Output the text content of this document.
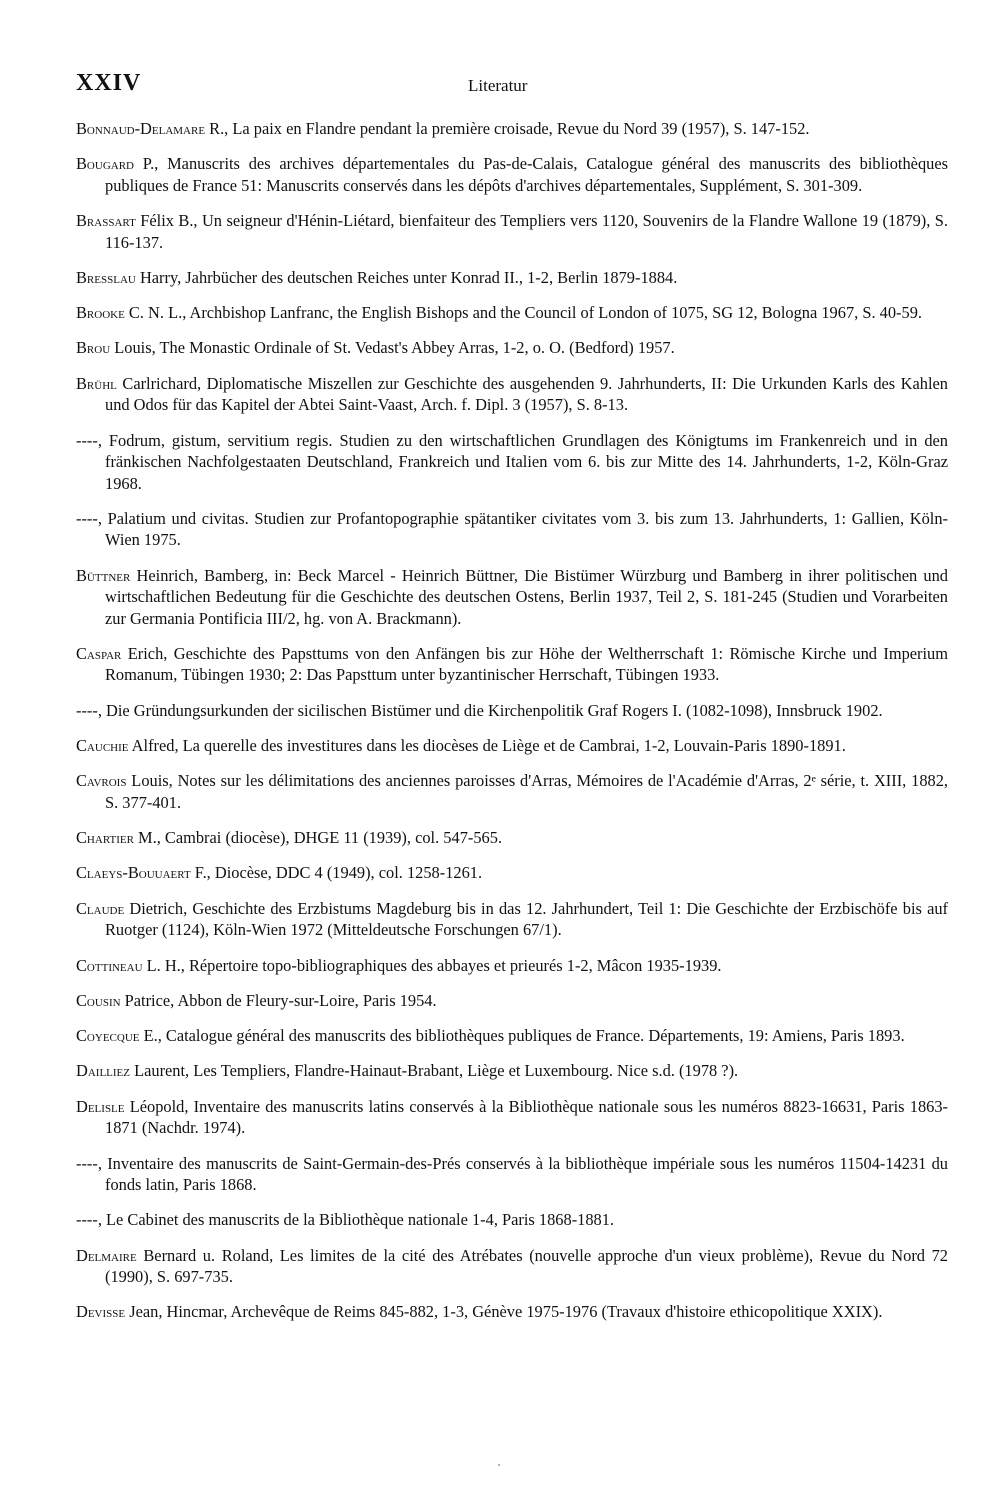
XXIV	Literatur
Bonnaud-Delamare R., La paix en Flandre pendant la première croisade, Revue du Nord 39 (1957), S. 147-152.
Bougard P., Manuscrits des archives départementales du Pas-de-Calais, Catalogue général des manuscrits des bibliothèques publiques de France 51: Manuscrits conservés dans les dépôts d'archives départementales, Supplément, S. 301-309.
Brassart Félix B., Un seigneur d'Hénin-Liétard, bienfaiteur des Templiers vers 1120, Souvenirs de la Flandre Wallone 19 (1879), S. 116-137.
Bresslau Harry, Jahrbücher des deutschen Reiches unter Konrad II., 1-2, Berlin 1879-1884.
Brooke C. N. L., Archbishop Lanfranc, the English Bishops and the Council of London of 1075, SG 12, Bologna 1967, S. 40-59.
Brou Louis, The Monastic Ordinale of St. Vedast's Abbey Arras, 1-2, o. O. (Bedford) 1957.
Brühl Carlrichard, Diplomatische Miszellen zur Geschichte des ausgehenden 9. Jahrhunderts, II: Die Urkunden Karls des Kahlen und Odos für das Kapitel der Abtei Saint-Vaast, Arch. f. Dipl. 3 (1957), S. 8-13.
----, Fodrum, gistum, servitium regis. Studien zu den wirtschaftlichen Grundlagen des Königtums im Frankenreich und in den fränkischen Nachfolgestaaten Deutschland, Frankreich und Italien vom 6. bis zur Mitte des 14. Jahrhunderts, 1-2, Köln-Graz 1968.
----, Palatium und civitas. Studien zur Profantopographie spätantiker civitates vom 3. bis zum 13. Jahrhunderts, 1: Gallien, Köln-Wien 1975.
Büttner Heinrich, Bamberg, in: Beck Marcel - Heinrich Büttner, Die Bistümer Würzburg und Bamberg in ihrer politischen und wirtschaftlichen Bedeutung für die Geschichte des deutschen Ostens, Berlin 1937, Teil 2, S. 181-245 (Studien und Vorarbeiten zur Germania Pontificia III/2, hg. von A. Brackmann).
Caspar Erich, Geschichte des Papsttums von den Anfängen bis zur Höhe der Weltherrschaft 1: Römische Kirche und Imperium Romanum, Tübingen 1930; 2: Das Papsttum unter byzantinischer Herrschaft, Tübingen 1933.
----, Die Gründungsurkunden der sicilischen Bistümer und die Kirchenpolitik Graf Rogers I. (1082-1098), Innsbruck 1902.
Cauchie Alfred, La querelle des investitures dans les diocèses de Liège et de Cambrai, 1-2, Louvain-Paris 1890-1891.
Cavrois Louis, Notes sur les délimitations des anciennes paroisses d'Arras, Mémoires de l'Académie d'Arras, 2ᵉ série, t. XIII, 1882, S. 377-401.
Chartier M., Cambrai (diocèse), DHGE 11 (1939), col. 547-565.
Claeys-Bouuaert F., Diocèse, DDC 4 (1949), col. 1258-1261.
Claude Dietrich, Geschichte des Erzbistums Magdeburg bis in das 12. Jahrhundert, Teil 1: Die Geschichte der Erzbischöfe bis auf Ruotger (1124), Köln-Wien 1972 (Mitteldeutsche Forschungen 67/1).
Cottineau L. H., Répertoire topo-bibliographiques des abbayes et prieurés 1-2, Mâcon 1935-1939.
Cousin Patrice, Abbon de Fleury-sur-Loire, Paris 1954.
Coyecque E., Catalogue général des manuscrits des bibliothèques publiques de France. Départements, 19: Amiens, Paris 1893.
Dailliez Laurent, Les Templiers, Flandre-Hainaut-Brabant, Liège et Luxembourg. Nice s.d. (1978 ?).
Delisle Léopold, Inventaire des manuscrits latins conservés à la Bibliothèque nationale sous les numéros 8823-16631, Paris 1863-1871 (Nachdr. 1974).
----, Inventaire des manuscrits de Saint-Germain-des-Prés conservés à la bibliothèque impériale sous les numéros 11504-14231 du fonds latin, Paris 1868.
----, Le Cabinet des manuscrits de la Bibliothèque nationale 1-4, Paris 1868-1881.
Delmaire Bernard u. Roland, Les limites de la cité des Atrébates (nouvelle approche d'un vieux problème), Revue du Nord 72 (1990), S. 697-735.
Devisse Jean, Hincmar, Archevêque de Reims 845-882, 1-3, Génève 1975-1976 (Travaux d'histoire ethicopolitique XXIX).
